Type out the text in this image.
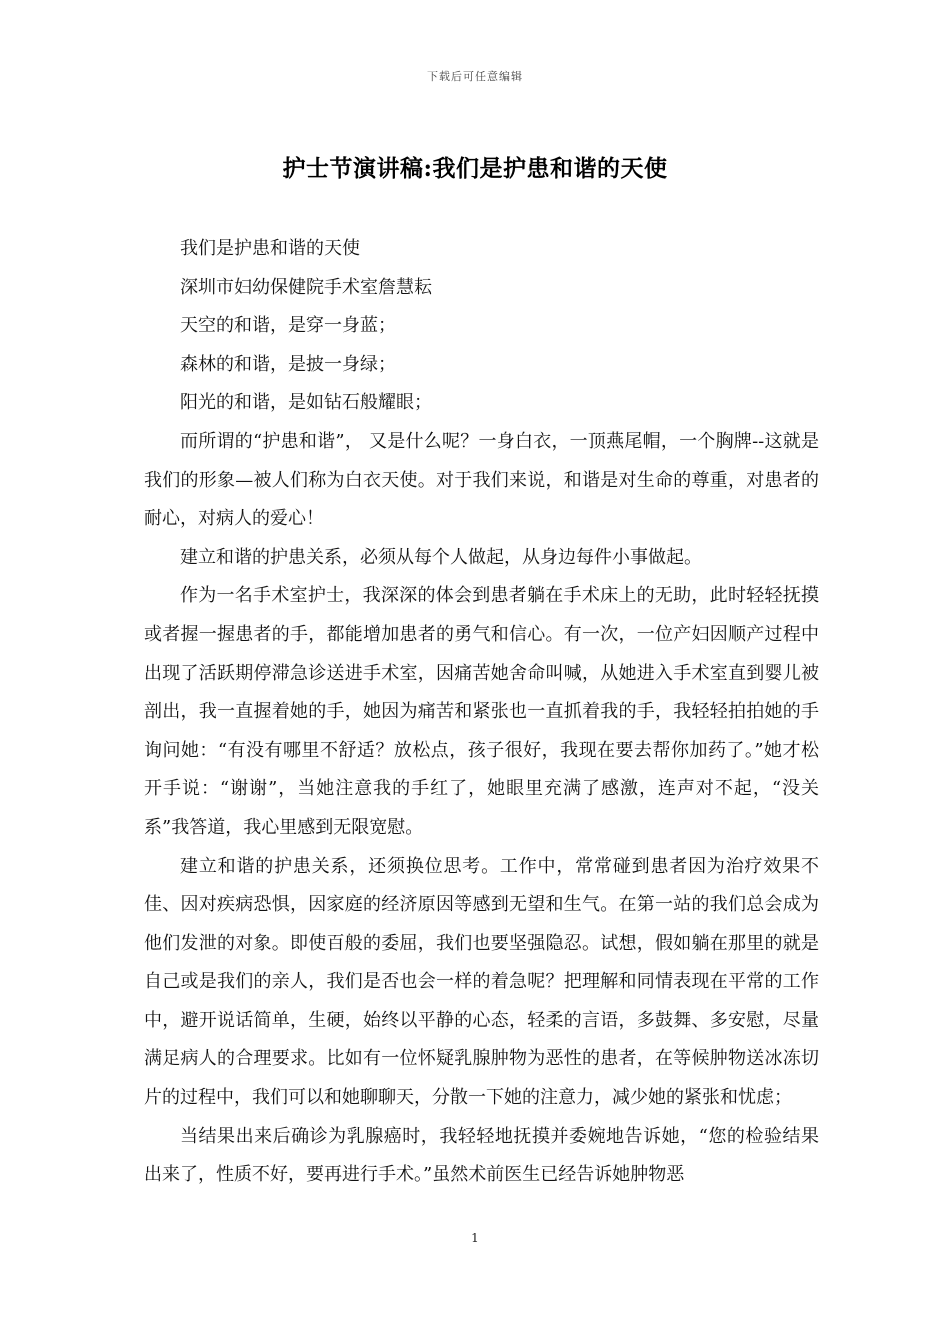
下载后可任意编辑
护士节演讲稿:我们是护患和谐的天使

我们是护患和谐的天使

深圳市妇幼保健院手术室詹慧耘

天空的和谐，是穿一身蓝；

森林的和谐，是披一身绿；

阳光的和谐，是如钻石般耀眼；

而所谓的“护患和谐”， 又是什么呢？一身白衣，一顶燕尾帽，一个胸牌--这就是我们的形象—被人们称为白衣天使。对于我们来说，和谐是对生命的尊重，对患者的耐心，对病人的爱心！

建立和谐的护患关系，必须从每个人做起，从身边每件小事做起。

作为一名手术室护士，我深深的体会到患者躺在手术床上的无助，此时轻轻抚摸或者握一握患者的手，都能增加患者的勇气和信心。有一次，一位产妇因顺产过程中出现了活跃期停滞急诊送进手术室，因痛苦她舍命叫喊，从她进入手术室直到婴儿被剖出，我一直握着她的手，她因为痛苦和紧张也一直抓着我的手，我轻轻拍拍她的手询问她：“有没有哪里不舒适？放松点，孩子很好，我现在要去帮你加药了。”她才松开手说：“谢谢”，当她注意我的手红了，她眼里充满了感激，连声对不起，“没关系”我答道，我心里感到无限宽慰。

建立和谐的护患关系，还须换位思考。工作中，常常碰到患者因为治疗效果不佳、因对疾病恐惧，因家庭的经济原因等感到无望和生气。在第一站的我们总会成为他们发泄的对象。即使百般的委屈，我们也要坚强隐忍。试想，假如躺在那里的就是自己或是我们的亲人，我们是否也会一样的着急呢？把理解和同情表现在平常的工作中，避开说话简单，生硬，始终以平静的心态，轻柔的言语，多鼓舞、多安慰，尽量满足病人的合理要求。比如有一位怀疑乳腺肿物为恶性的患者，在等候肿物送冰冻切片的过程中，我们可以和她聊聊天，分散一下她的注意力，减少她的紧张和忧虑；

当结果出来后确诊为乳腺癌时，我轻轻地抚摸并委婉地告诉她，“您的检验结果出来了，性质不好，要再进行手术。”虽然术前医生已经告诉她肿物恶

1
